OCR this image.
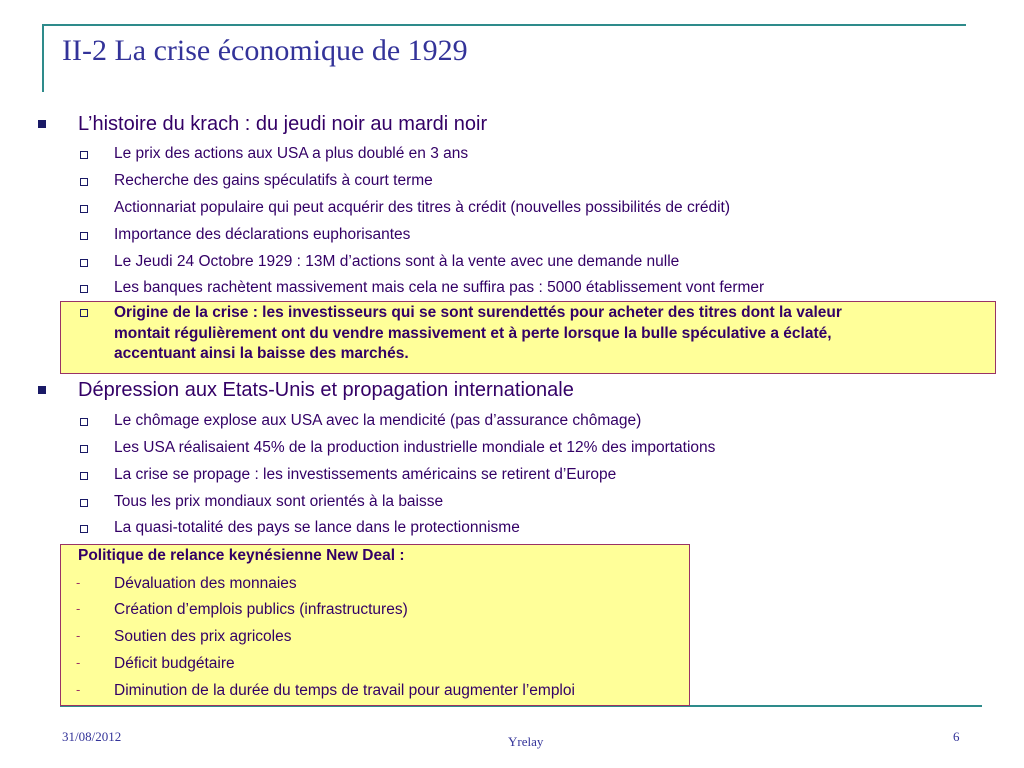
II-2 La crise économique de 1929
L’histoire du krach : du jeudi noir au mardi noir
Le prix des actions aux USA a plus doublé en 3 ans
Recherche des gains spéculatifs à court terme
Actionnariat populaire qui peut acquérir des titres à crédit (nouvelles possibilités de crédit)
Importance des déclarations euphorisantes
Le Jeudi 24 Octobre 1929 : 13M d’actions sont à la vente avec une demande nulle
Les banques rachètent massivement mais cela ne suffira pas : 5000 établissement vont fermer
Origine de la crise : les investisseurs qui se sont surendettés pour acheter des titres dont la valeur
montait régulièrement ont du vendre massivement et à perte lorsque la bulle spéculative a éclaté,
accentuant ainsi la baisse des marchés.
Dépression aux Etats-Unis et propagation internationale
Le chômage explose aux USA avec la mendicité (pas d’assurance chômage)
Les USA réalisaient 45% de la production industrielle mondiale et 12% des importations
La crise se propage : les investissements américains se retirent d’Europe
Tous les prix mondiaux sont orientés à la baisse
La quasi-totalité des pays se lance dans le protectionnisme
Politique de relance keynésienne New Deal :
- Dévaluation des monnaies
- Création d’emplois publics (infrastructures)
- Soutien des prix agricoles
- Déficit budgétaire
- Diminution de la durée du temps de travail pour augmenter l’emploi
31/08/2012	Yrelay	6
